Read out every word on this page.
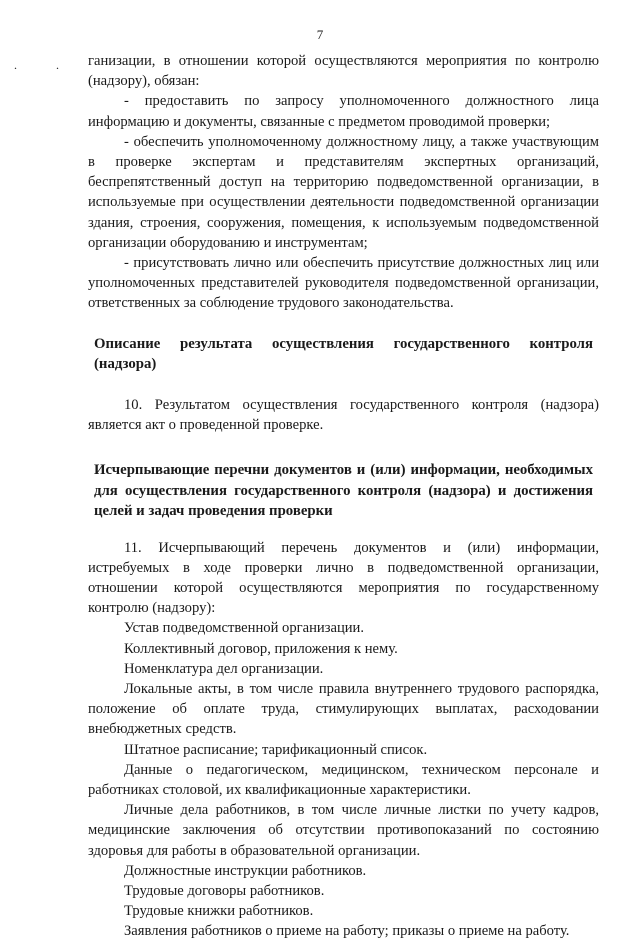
7
. . ганизации, в отношении которой осуществляются мероприятия по контролю (надзору), обязан:

- предоставить по запросу уполномоченного должностного лица информацию и документы, связанные с предметом проводимой проверки;

- обеспечить уполномоченному должностному лицу, а также участвующим в проверке экспертам и представителям экспертных организаций, беспрепятственный доступ на территорию подведомственной организации, в используемые при осуществлении деятельности подведомственной организации здания, строения, сооружения, помещения, к используемым подведомственной организации оборудованию и инструментам;

- присутствовать лично или обеспечить присутствие должностных лиц или уполномоченных представителей руководителя подведомственной организации, ответственных за соблюдение трудового законодательства.

Описание результата осуществления государственного контроля (надзора)

10. Результатом осуществления государственного контроля (надзора) является акт о проведенной проверке.

Исчерпывающие перечни документов и (или) информации, необходимых для осуществления государственного контроля (надзора) и достижения целей и задач проведения проверки

11. Исчерпывающий перечень документов и (или) информации, истребуемых в ходе проверки лично в подведомственной организации, отношении которой осуществляются мероприятия по государственному контролю (надзору):

Устав подведомственной организации.

Коллективный договор, приложения к нему.

Номенклатура дел организации.

Локальные акты, в том числе правила внутреннего трудового распорядка, положение об оплате труда, стимулирующих выплатах, расходовании внебюджетных средств.

Штатное расписание; тарификационный список.

Данные о педагогическом, медицинском, техническом персонале и работниках столовой, их квалификационные характеристики.

Личные дела работников, в том числе личные листки по учету кадров, медицинские заключения об отсутствии противопоказаний по состоянию здоровья для работы в образовательной организации.

Должностные инструкции работников.

Трудовые договоры работников.

Трудовые книжки работников.

Заявления работников о приеме на работу; приказы о приеме на работу.
